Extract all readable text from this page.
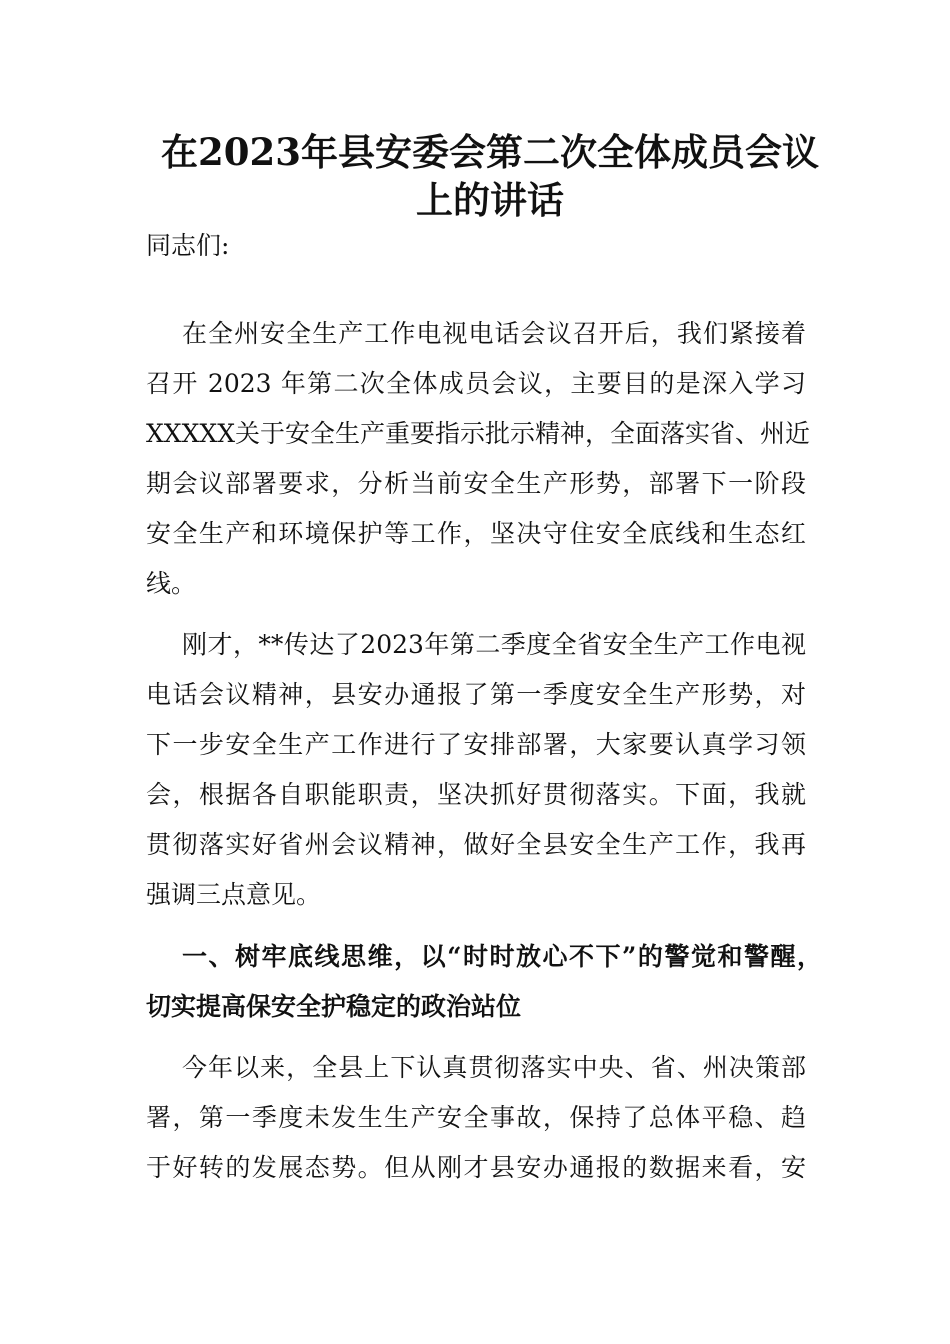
在2023年县安委会第二次全体成员会议
上的讲话
同志们:
在全州安全生产工作电视电话会议召开后，我们紧接着
召开 2023 年第二次全体成员会议，主要目的是深入学习
XXXXX关于安全生产重要指示批示精神，全面落实省、州近
期会议部署要求，分析当前安全生产形势，部署下一阶段
安全生产和环境保护等工作，坚决守住安全底线和生态红
线。
刚才，**传达了2023年第二季度全省安全生产工作电视
电话会议精神，县安办通报了第一季度安全生产形势，对
下一步安全生产工作进行了安排部署，大家要认真学习领
会，根据各自职能职责，坚决抓好贯彻落实。下面，我就
贯彻落实好省州会议精神，做好全县安全生产工作，我再
强调三点意见。
一、树牢底线思维，以“时时放心不下”的警觉和警醒，
切实提高保安全护稳定的政治站位
今年以来，全县上下认真贯彻落实中央、省、州决策部
署，第一季度未发生生产安全事故，保持了总体平稳、趋
于好转的发展态势。但从刚才县安办通报的数据来看，安
